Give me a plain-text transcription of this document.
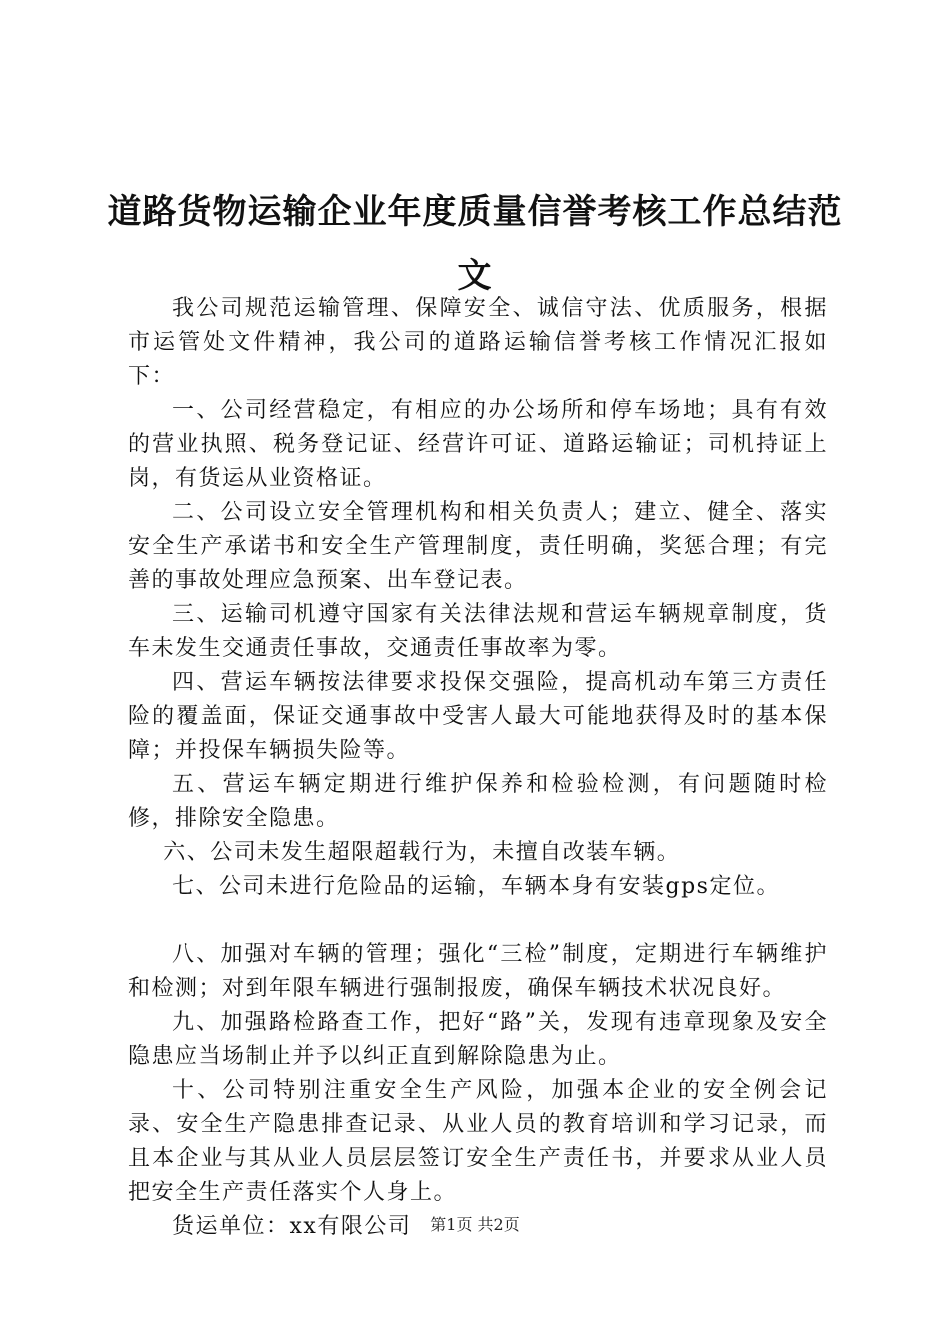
道路货物运输企业年度质量信誉考核工作总结范文

我公司规范运输管理、保障安全、诚信守法、优质服务，根据市运管处文件精神，我公司的道路运输信誉考核工作情况汇报如下：

一、公司经营稳定，有相应的办公场所和停车场地；具有有效的营业执照、税务登记证、经营许可证、道路运输证；司机持证上岗，有货运从业资格证。

二、公司设立安全管理机构和相关负责人；建立、健全、落实安全生产承诺书和安全生产管理制度，责任明确，奖惩合理；有完善的事故处理应急预案、出车登记表。

三、运输司机遵守国家有关法律法规和营运车辆规章制度，货车未发生交通责任事故，交通责任事故率为零。

四、营运车辆按法律要求投保交强险，提高机动车第三方责任险的覆盖面，保证交通事故中受害人最大可能地获得及时的基本保障；并投保车辆损失险等。

五、营运车辆定期进行维护保养和检验检测，有问题随时检修，排除安全隐患。

六、公司未发生超限超载行为，未擅自改装车辆。

七、公司未进行危险品的运输，车辆本身有安装gps定位。

八、加强对车辆的管理；强化“三检”制度，定期进行车辆维护和检测；对到年限车辆进行强制报废，确保车辆技术状况良好。

九、加强路检路查工作，把好“路”关，发现有违章现象及安全隐患应当场制止并予以纠正直到解除隐患为止。

十、公司特别注重安全生产风险，加强本企业的安全例会记录、安全生产隐患排查记录、从业人员的教育培训和学习记录，而且本企业与其从业人员层层签订安全生产责任书，并要求从业人员把安全生产责任落实个人身上。

货运单位：xx有限公司	第1页 共2页
